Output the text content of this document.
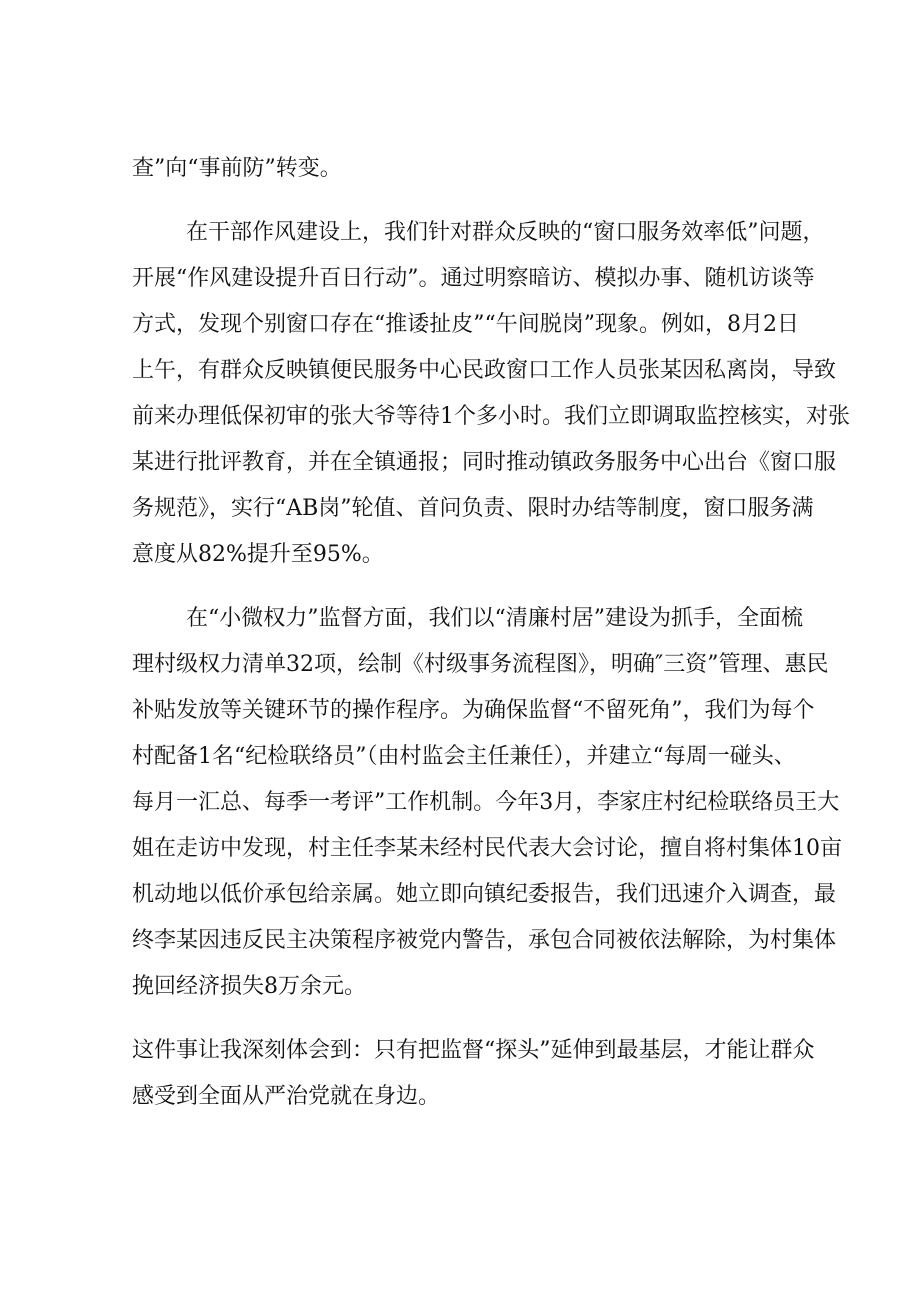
查”向“事前防”转变。

在干部作风建设上，我们针对群众反映的“窗口服务效率低”问题，

开展“作风建设提升百日行动”。通过明察暗访、模拟办事、随机访谈等

方式，发现个别窗口存在“推诿扯皮”“午间脱岗”现象。例如，8月2日

上午，有群众反映镇便民服务中心民政窗口工作人员张某因私离岗，导致

前来办理低保初审的张大爷等待1个多小时。我们立即调取监控核实，对张

某进行批评教育，并在全镇通报；同时推动镇政务服务中心出台《窗口服

务规范》，实行“AB岗”轮值、首问负责、限时办结等制度，窗口服务满

意度从82%提升至95%。

在“小微权力”监督方面，我们以“清廉村居”建设为抓手，全面梳

理村级权力清单32项，绘制《村级事务流程图》，明确″三资”管理、惠民

补贴发放等关键环节的操作程序。为确保监督“不留死角”，我们为每个

村配备1名“纪检联络员”（由村监会主任兼任），并建立“每周一碰头、

每月一汇总、每季一考评”工作机制。今年3月，李家庄村纪检联络员王大

姐在走访中发现，村主任李某未经村民代表大会讨论，擅自将村集体10亩

机动地以低价承包给亲属。她立即向镇纪委报告，我们迅速介入调查，最

终李某因违反民主决策程序被党内警告，承包合同被依法解除，为村集体

挽回经济损失8万余元。

这件事让我深刻体会到：只有把监督“探头”延伸到最基层，才能让群众

感受到全面从严治党就在身边。
